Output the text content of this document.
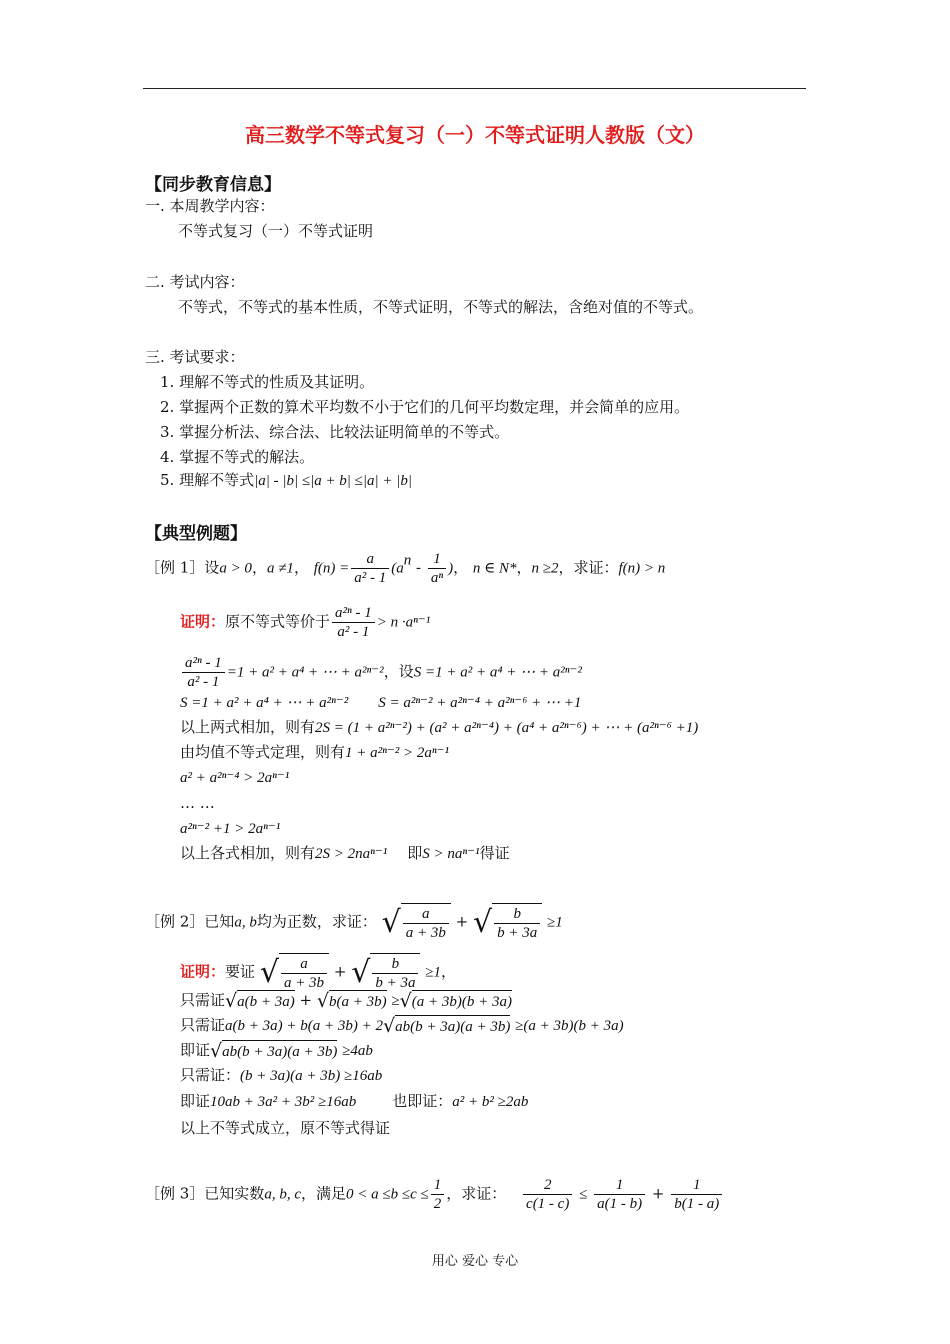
高三数学不等式复习（一）不等式证明人教版（文）
【同步教育信息】
一. 本周教学内容：
不等式复习（一）不等式证明
二. 考试内容：
不等式，不等式的基本性质，不等式证明，不等式的解法，含绝对值的不等式。
三. 考试要求：
1. 理解不等式的性质及其证明。
2. 掌握两个正数的算术平均数不小于它们的几何平均数定理，并会简单的应用。
3. 掌握分析法、综合法、比较法证明简单的不等式。
4. 掌握不等式的解法。
5. 理解不等式|a| - |b| ≤|a + b| ≤|a| + |b|
【典型例题】
［例 1］设a > 0，a ≠1， $f(n) = \frac{a}{\text{a² - 1}} (a^n - \frac{1}{\text{aⁿ}}$ )， n ∈ N*，n ≥2，求证：f(n) > n
证明：原不等式等价于 $\frac{\text{a²ⁿ - 1}}{\text{a² - 1}} > n \cdot a^{n-1}$
$\frac{\text{a²ⁿ - 1}}{\text{a² - 1}} =1 + a^2 + a^4$ + ⋯ + a²ⁿ⁻²，设S =1 + a² + a⁴ + ⋯ + a²ⁿ⁻²
S =1 + a² + a⁴ + ⋯ + a²ⁿ⁻² S = a²ⁿ⁻² + a²ⁿ⁻⁴ + a²ⁿ⁻⁶ + ⋯ +1
以上两式相加，则有2S = (1 + a²ⁿ⁻²) + (a² + a²ⁿ⁻⁴) + (a⁴ + a²ⁿ⁻⁶) + ⋯ + (a²ⁿ⁻⁶ +1)
由均值不等式定理，则有1 + a²ⁿ⁻² > 2aⁿ⁻¹
a² + a²ⁿ⁻⁴ > 2aⁿ⁻¹
… …
a²ⁿ⁻² +1 > 2aⁿ⁻¹
以上各式相加，则有2S > 2naⁿ⁻¹ 即S > naⁿ⁻¹得证
［例 2］已知a, b均为正数，求证： √ $\frac{a}{a + 3b}$ + √ $\frac{b}{b + 3a} \ge 1$
证明：要证 √ $\frac{a}{a + 3b}$ + √ $\frac{b}{b + 3a} \ge 1$，
只需证√a(b + 3a) + √b(a + 3b) ≥√(a + 3b)(b + 3a)
只需证a(b + 3a) + b(a + 3b) + 2√ab(b + 3a)(a + 3b) ≥(a + 3b)(b + 3a)
即证√ab(b + 3a)(a + 3b) ≥4ab
只需证：(b + 3a)(a + 3b) ≥16ab
即证10ab + 3a² + 3b² ≥16ab 也即证：a² + b² ≥2ab
以上不等式成立，原不等式得证
［例 3］已知实数a, b, c，满足$0 < a \le b \le c \le \frac{1}{2}$ ，求证： $\frac{2}{c(1 - c)} \le \frac{1}{a(1 - b)} + \frac{1}{b(1 - a)}$
用心 爱心 专心
